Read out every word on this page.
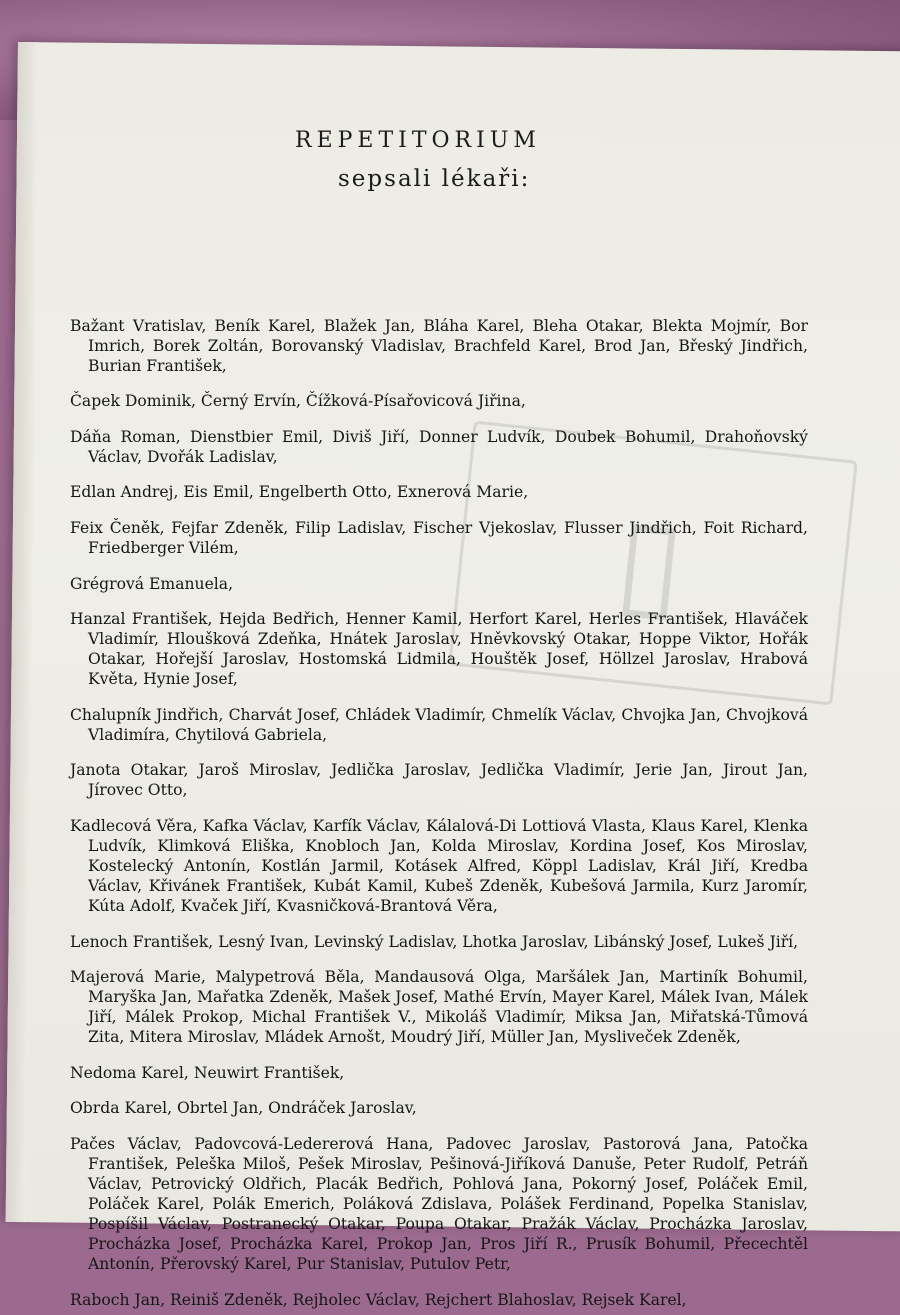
REPETITORIUM
sepsali lékaři:
▯

Bažant Vratislav, Beník Karel, Blažek Jan, Bláha Karel, Bleha Otakar, Blekta Mojmír, Bor Imrich, Borek Zoltán, Borovanský Vladislav, Brachfeld Karel, Brod Jan, Břeský Jindřich, Burian František,

Čapek Dominik, Černý Ervín, Čížková-Písařovicová Jiřina,

Dáňa Roman, Dienstbier Emil, Diviš Jiří, Donner Ludvík, Doubek Bohumil, Drahoňovský Václav, Dvořák Ladislav,

Edlan Andrej, Eis Emil, Engelberth Otto, Exnerová Marie,

Feix Čeněk, Fejfar Zdeněk, Filip Ladislav, Fischer Vjekoslav, Flusser Jindřich, Foit Richard, Friedberger Vilém,

Grégrová Emanuela,

Hanzal František, Hejda Bedřich, Henner Kamil, Herfort Karel, Herles František, Hlaváček Vladimír, Hloušková Zdeňka, Hnátek Jaroslav, Hněvkovský Otakar, Hoppe Viktor, Hořák Otakar, Hořejší Jaroslav, Hostomská Lidmila, Houštěk Josef, Höllzel Jaroslav, Hrabová Květa, Hynie Josef,

Chalupník Jindřich, Charvát Josef, Chládek Vladimír, Chmelík Václav, Chvojka Jan, Chvojková Vladimíra, Chytilová Gabriela,

Janota Otakar, Jaroš Miroslav, Jedlička Jaroslav, Jedlička Vladimír, Jerie Jan, Jirout Jan, Jírovec Otto,

Kadlecová Věra, Kafka Václav, Karfík Václav, Kálalová-Di Lottiová Vlasta, Klaus Karel, Klenka Ludvík, Klimková Eliška, Knobloch Jan, Kolda Miroslav, Kordina Josef, Kos Miroslav, Kostelecký Antonín, Kostlán Jarmil, Kotásek Alfred, Köppl Ladislav, Král Jiří, Kredba Václav, Křivánek František, Kubát Kamil, Kubeš Zdeněk, Kubešová Jarmila, Kurz Jaromír, Kúta Adolf, Kvaček Jiří, Kvasničková-Brantová Věra,

Lenoch František, Lesný Ivan, Levinský Ladislav, Lhotka Jaroslav, Libánský Josef, Lukeš Jiří,

Majerová Marie, Malypetrová Běla, Mandausová Olga, Maršálek Jan, Martiník Bohumil, Maryška Jan, Mařatka Zdeněk, Mašek Josef, Mathé Ervín, Mayer Karel, Málek Ivan, Málek Jiří, Málek Prokop, Michal František V., Mikoláš Vladimír, Miksa Jan, Miřatská-Tůmová Zita, Mitera Miroslav, Mládek Arnošt, Moudrý Jiří, Müller Jan, Mysliveček Zdeněk,

Nedoma Karel, Neuwirt František,

Obrda Karel, Obrtel Jan, Ondráček Jaroslav,

Pačes Václav, Padovcová-Ledererová Hana, Padovec Jaroslav, Pastorová Jana, Patočka František, Peleška Miloš, Pešek Miroslav, Pešinová-Jiříková Danuše, Peter Rudolf, Petráň Václav, Petrovický Oldřich, Placák Bedřich, Pohlová Jana, Pokorný Josef, Poláček Emil, Poláček Karel, Polák Emerich, Poláková Zdislava, Polášek Ferdinand, Popelka Stanislav, Pospíšil Václav, Postranecký Otakar, Poupa Otakar, Pražák Václav, Procházka Jaroslav, Procházka Josef, Procházka Karel, Prokop Jan, Pros Jiří R., Prusík Bohumil, Přecechtěl Antonín, Přerovský Karel, Pur Stanislav, Putulov Petr,

Raboch Jan, Reiniš Zdeněk, Rejholec Václav, Rejchert Blahoslav, Rejsek Karel,
